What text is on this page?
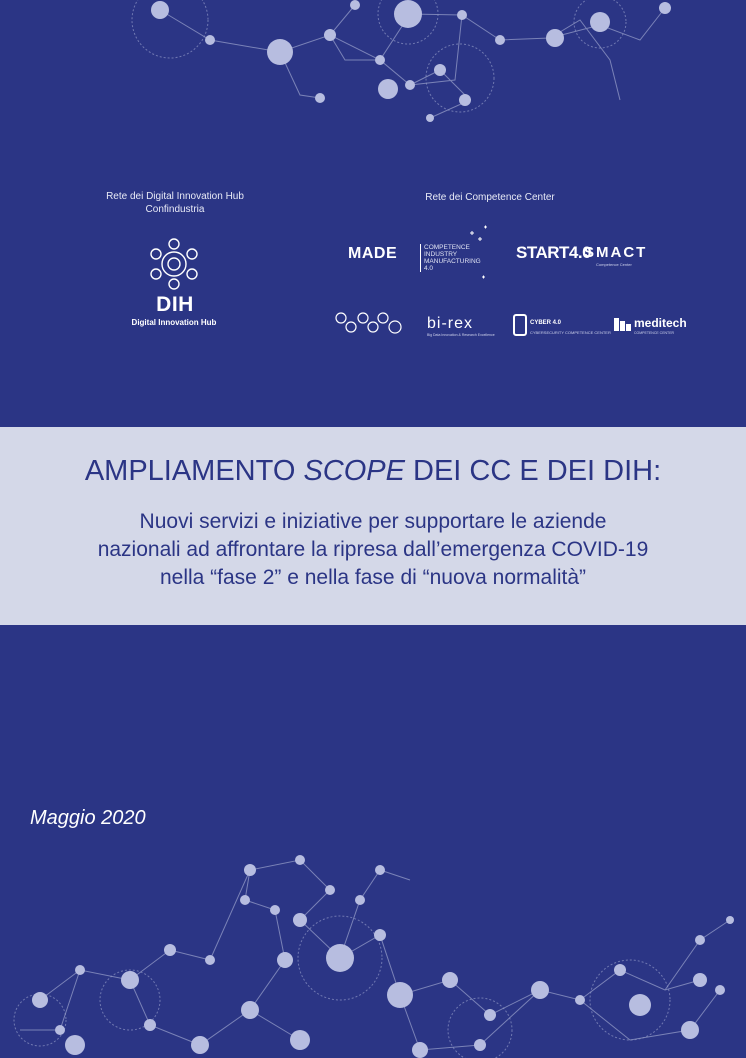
Rete dei Digital Innovation Hub
Confindustria
Rete dei Competence Center
DIH
Digital Innovation Hub
MADE	COMPETENCE
INDUSTRY
MANUFACTURING
4.0
START4.0
SMACT
Competence Center
bi-rex
Big Data Innovation & Research Excellence
CYBER 4.0
CYBERSECURITY COMPETENCE CENTER
meditech
COMPETENCE CENTER
AMPLIAMENTO SCOPE DEI CC E DEI DIH:
Nuovi servizi e iniziative per supportare le aziende
nazionali ad affrontare la ripresa dall’emergenza COVID-19
nella “fase 2” e nella fase di “nuova normalità”
Maggio 2020
